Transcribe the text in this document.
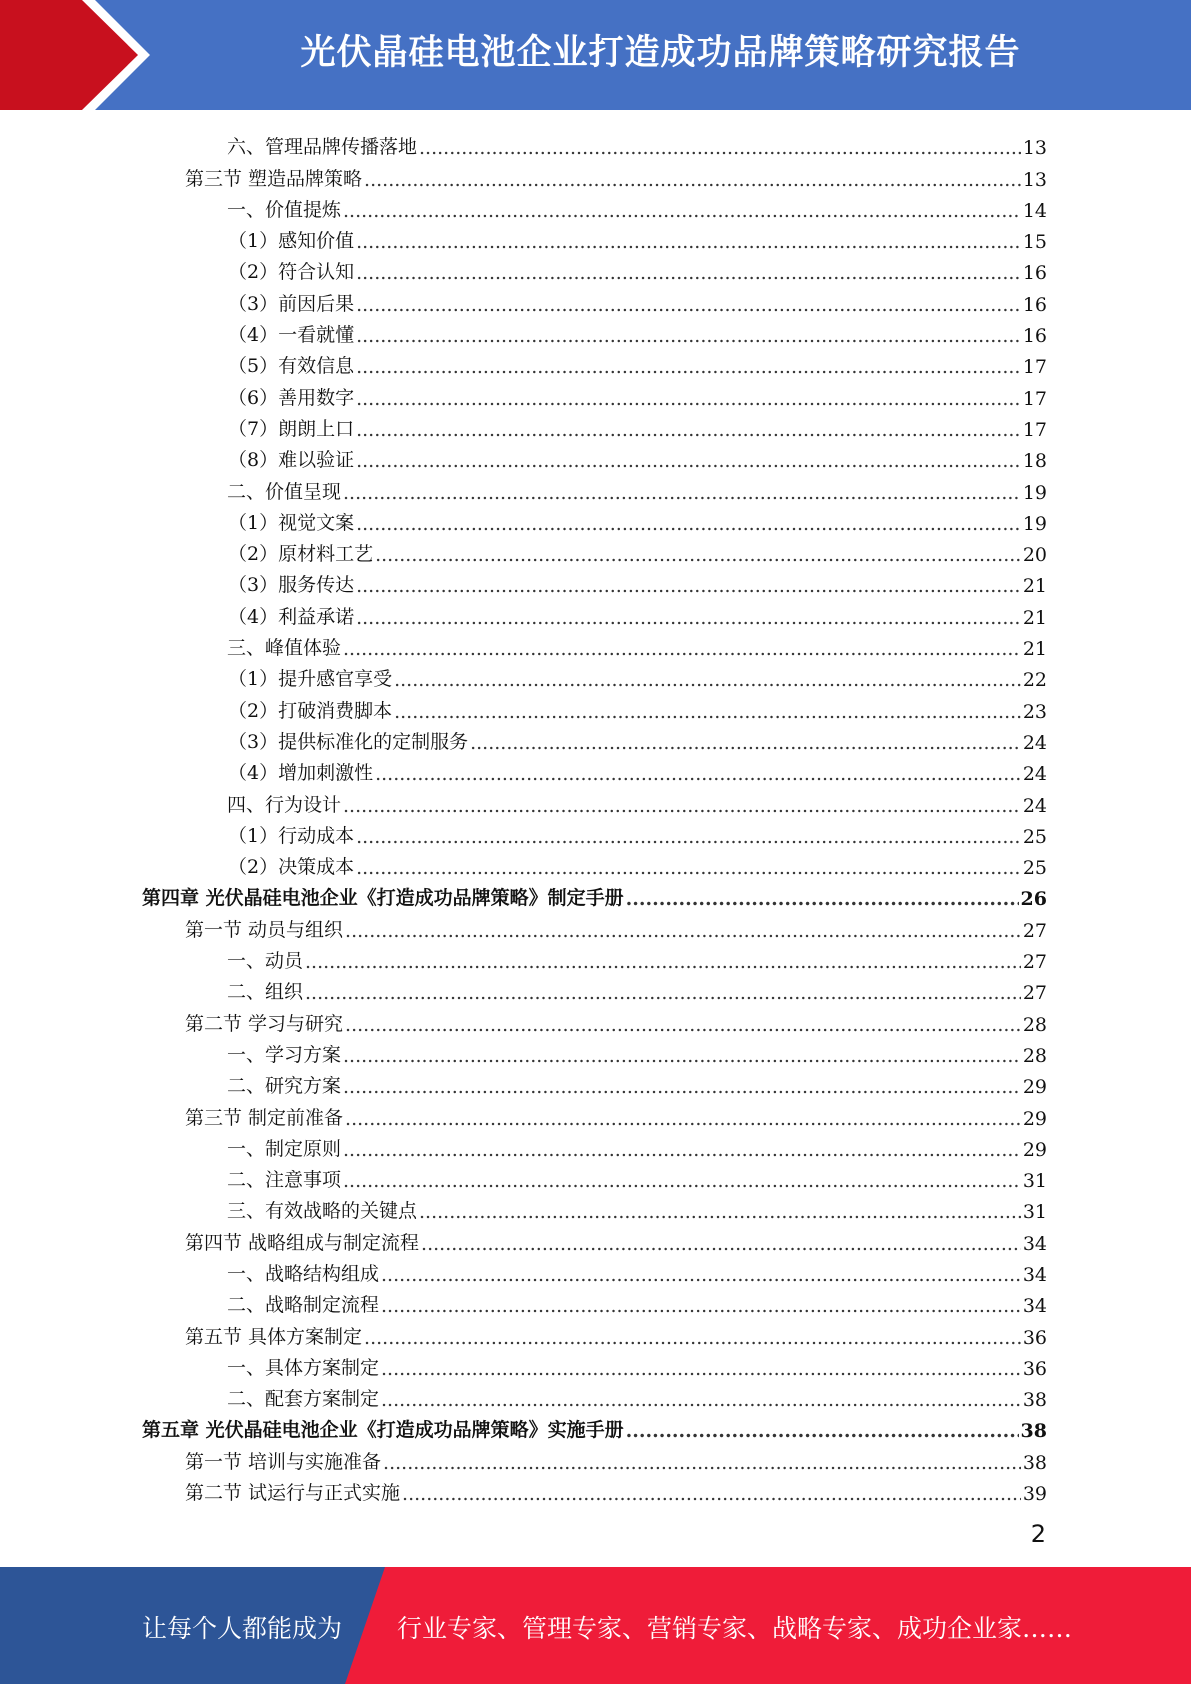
光伏晶硅电池企业打造成功品牌策略研究报告
六、管理品牌传播落地 .....	13
第三节 塑造品牌策略 .....	13
一、价值提炼 .....	14
（1）感知价值 .....	15
（2）符合认知 .....	16
（3）前因后果 .....	16
（4）一看就懂 .....	16
（5）有效信息 .....	17
（6）善用数字 .....	17
（7）朗朗上口 .....	17
（8）难以验证 .....	18
二、价值呈现 .....	19
（1）视觉文案 .....	19
（2）原材料工艺 .....	20
（3）服务传达 .....	21
（4）利益承诺 .....	21
三、峰值体验 .....	21
（1）提升感官享受 .....	22
（2）打破消费脚本 .....	23
（3）提供标准化的定制服务 .....	24
（4）增加刺激性 .....	24
四、行为设计 .....	24
（1）行动成本 .....	25
（2）决策成本 .....	25
第四章 光伏晶硅电池企业《打造成功品牌策略》制定手册 .....	26
第一节 动员与组织 .....	27
一、动员 .....	27
二、组织 .....	27
第二节 学习与研究 .....	28
一、学习方案 .....	28
二、研究方案 .....	29
第三节 制定前准备 .....	29
一、制定原则 .....	29
二、注意事项 .....	31
三、有效战略的关键点 .....	31
第四节 战略组成与制定流程 .....	34
一、战略结构组成 .....	34
二、战略制定流程 .....	34
第五节 具体方案制定 .....	36
一、具体方案制定 .....	36
二、配套方案制定 .....	38
第五章 光伏晶硅电池企业《打造成功品牌策略》实施手册 .....	38
第一节 培训与实施准备 .....	38
第二节 试运行与正式实施 .....	39
2
让每个人都能成为 行业专家、管理专家、营销专家、战略专家、成功企业家……
